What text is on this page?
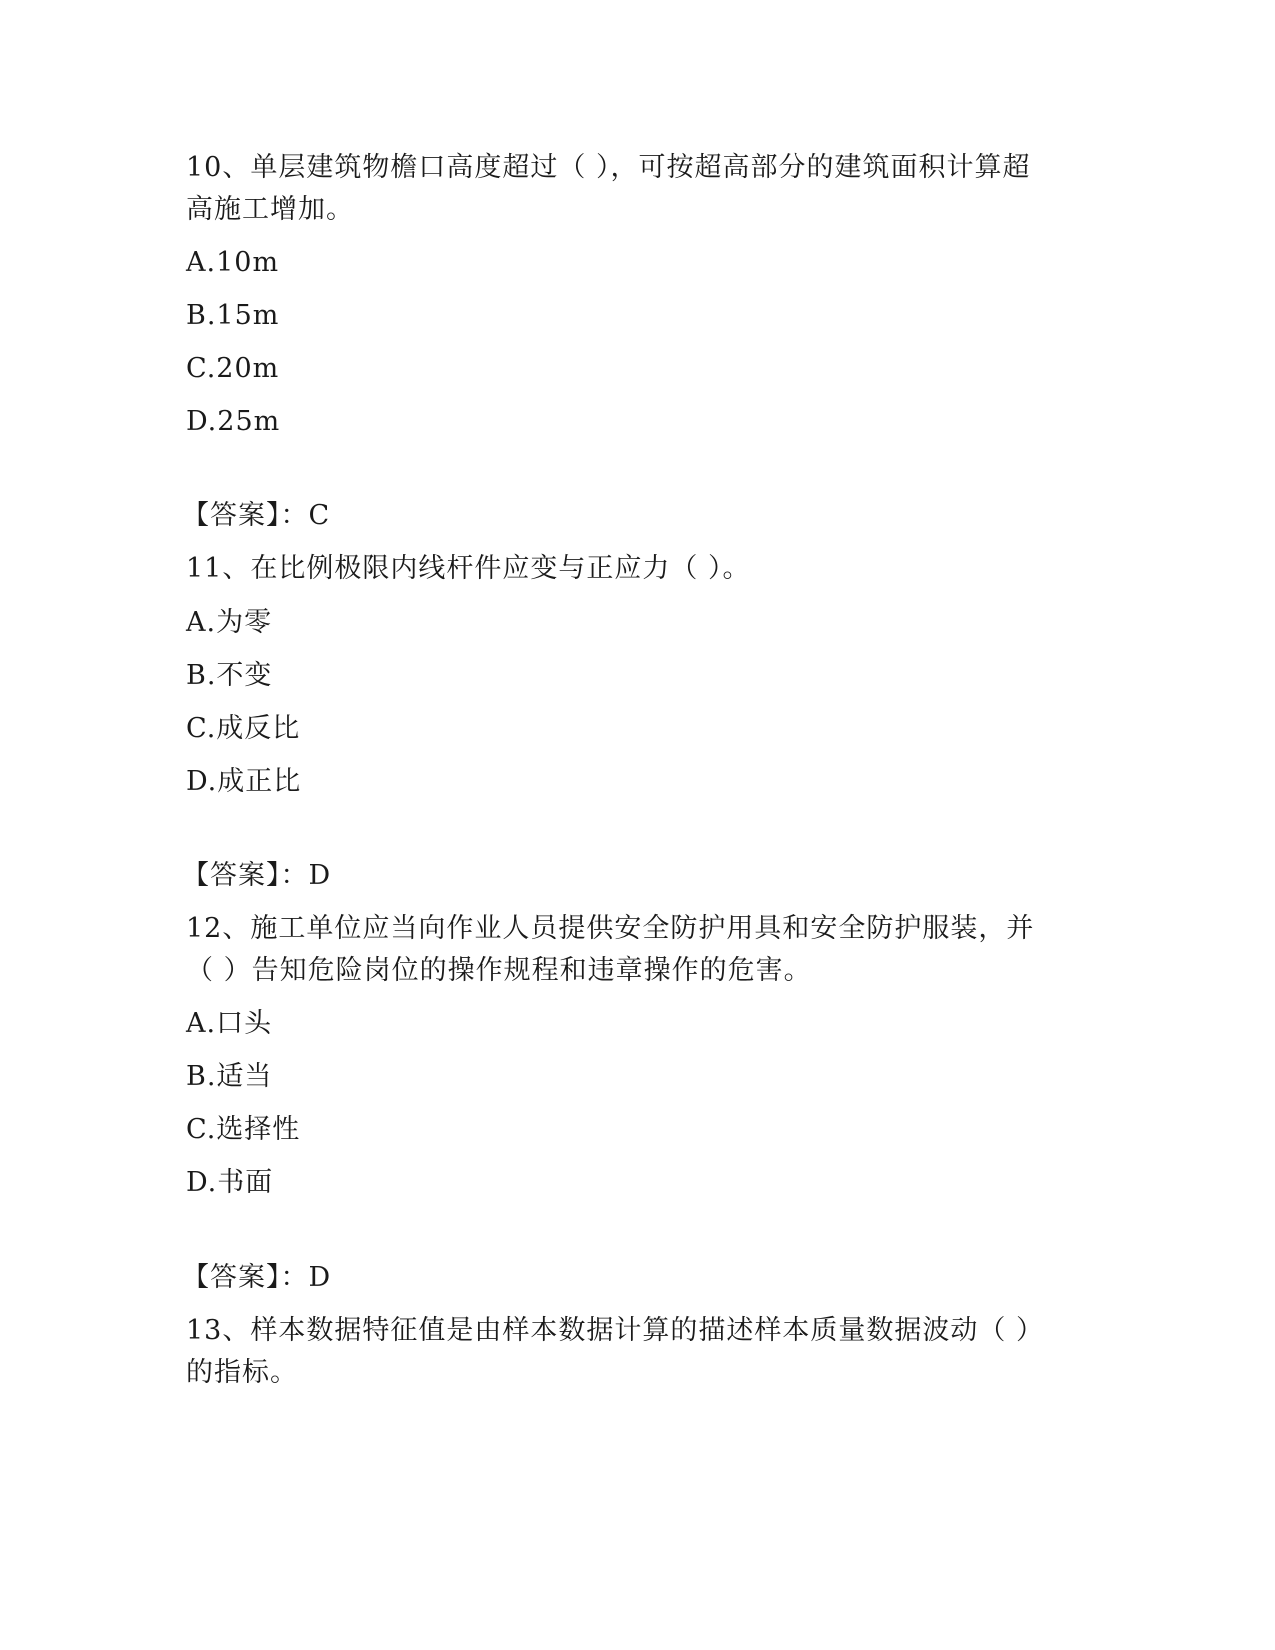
10、单层建筑物檐口高度超过（ ），可按超高部分的建筑面积计算超
高施工增加。
A.10m
B.15m
C.20m
D.25m
【答案】：C
11、在比例极限内线杆件应变与正应力（ ）。
A.为零
B.不变
C.成反比
D.成正比
【答案】：D
12、施工单位应当向作业人员提供安全防护用具和安全防护服装，并
（ ）告知危险岗位的操作规程和违章操作的危害。
A.口头
B.适当
C.选择性
D.书面
【答案】：D
13、样本数据特征值是由样本数据计算的描述样本质量数据波动（ ）
的指标。
